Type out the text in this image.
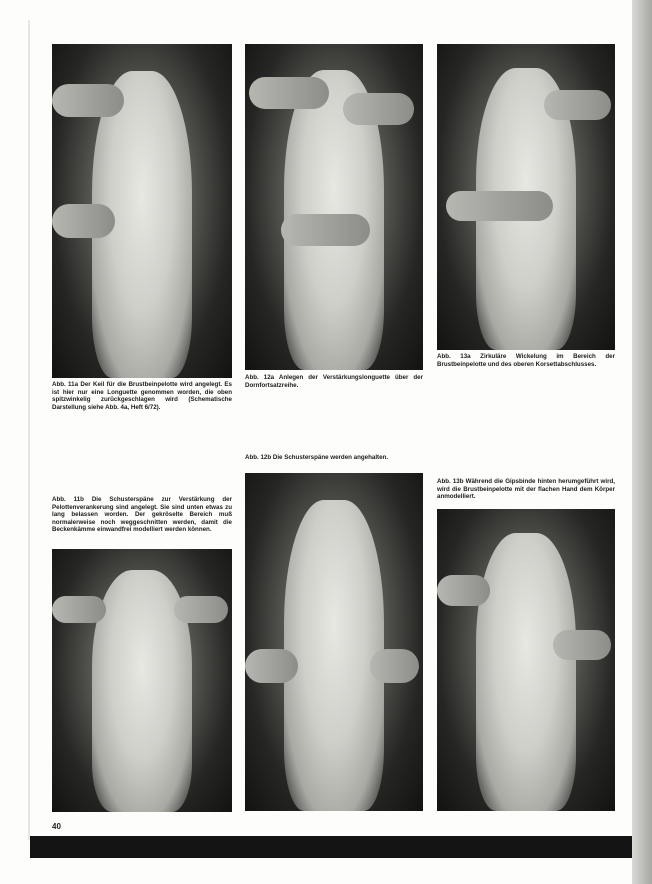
Abb. 11a Der Keil für die Brustbeinpelotte wird angelegt. Es ist hier nur eine Longuette genommen worden, die oben spitzwinkelig zurückgeschlagen wird (Schematische Darstellung siehe Abb. 4a, Heft 6/72).
Abb. 12a Anlegen der Verstärkungslonguette über der Dornfortsatzreihe.
Abb. 13a Zirkuläre Wickelung im Bereich der Brustbeinpelotte und des oberen Korsettabschlusses.
Abb. 12b Die Schusterspäne werden angehalten.
Abb. 13b Während die Gipsbinde hinten herumgeführt wird, wird die Brustbeinpelotte mit der flachen Hand dem Körper anmodelliert.
Abb. 11b Die Schusterspäne zur Verstärkung der Pelottenverankerung sind angelegt. Sie sind unten etwas zu lang belassen worden. Der gekröselte Bereich muß normalerweise noch weggeschnitten werden, damit die Beckenkämme einwandfrei modelliert werden können.
40
